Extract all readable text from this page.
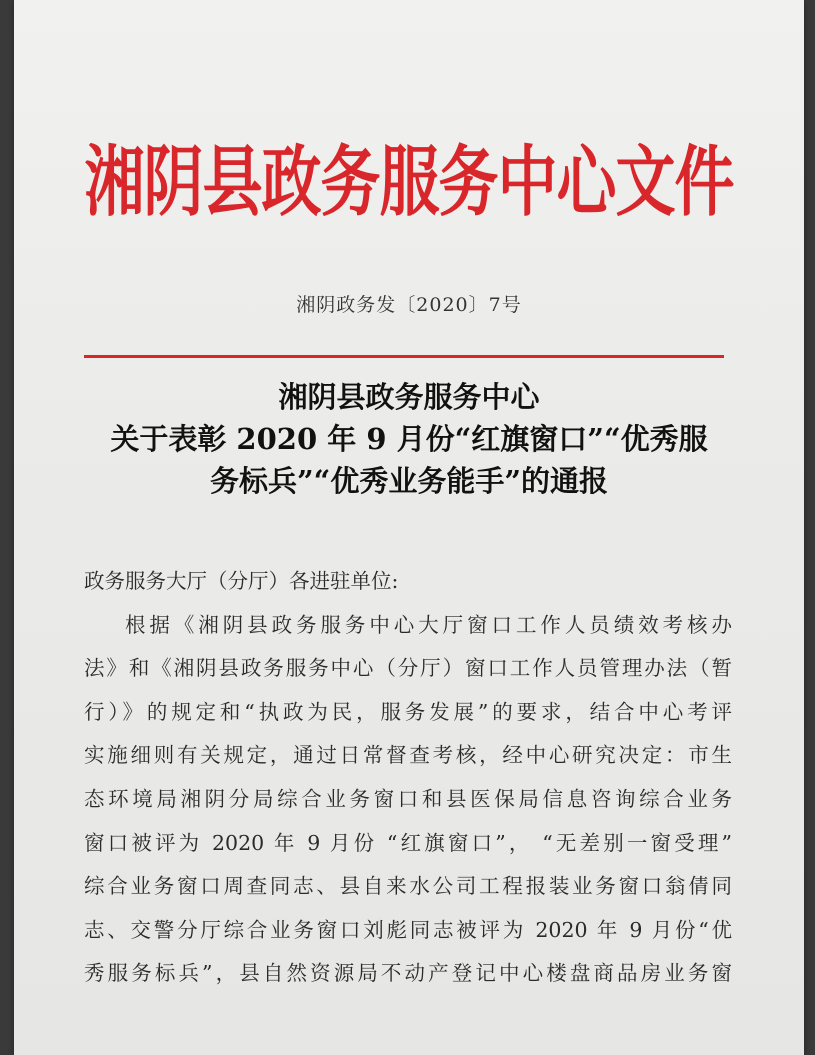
湘阴县政务服务中心文件
湘阴政务发〔2020〕7号
湘阴县政务服务中心
关于表彰 2020 年 9 月份“红旗窗口”“优秀服
务标兵”“优秀业务能手”的通报
政务服务大厅（分厅）各进驻单位:
根据《湘阴县政务服务中心大厅窗口工作人员绩效考核办
法》和《湘阴县政务服务中心（分厅）窗口工作人员管理办法（暂
行）》的规定和“执政为民，服务发展”的要求，结合中心考评
实施细则有关规定，通过日常督查考核，经中心研究决定：市生
态环境局湘阴分局综合业务窗口和县医保局信息咨询综合业务
窗口被评为 2020 年 9 月份 “红旗窗口”， “无差别一窗受理”
综合业务窗口周查同志、县自来水公司工程报装业务窗口翁倩同
志、交警分厅综合业务窗口刘彪同志被评为 2020 年 9 月份“优
秀服务标兵”，县自然资源局不动产登记中心楼盘商品房业务窗
